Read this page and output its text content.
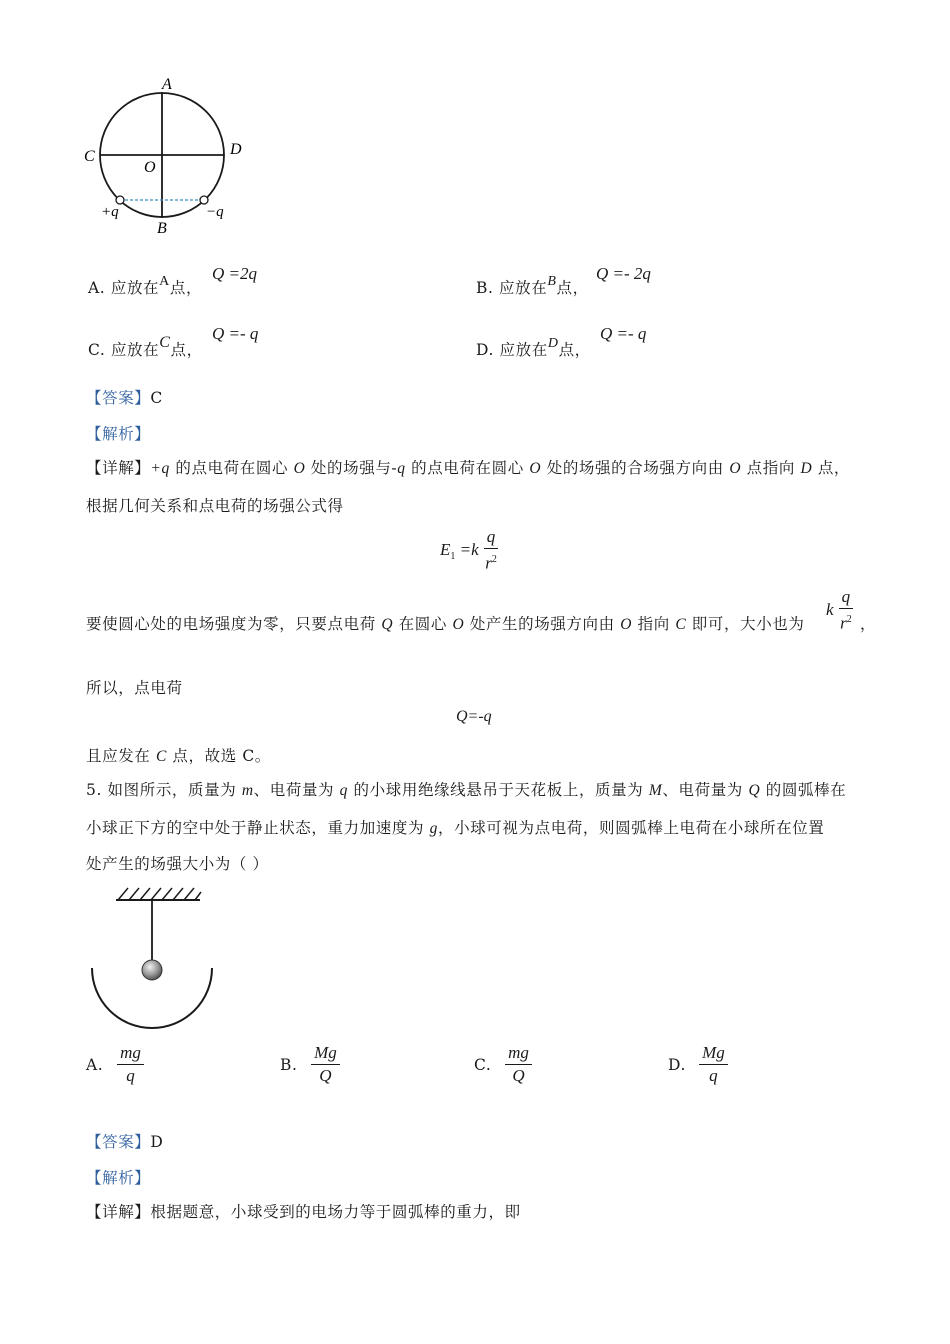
A
C	D
O
+q	−q
B
A. 应放在A点，
Q =2q
B. 应放在B点，
Q =- 2q
C. 应放在C点，
Q =- q
D. 应放在D点，
Q =- q
【答案】C
【解析】
【详解】+q 的点电荷在圆心 O 处的场强与-q 的点电荷在圆心 O 处的场强的合场强方向由 O 点指向 D 点，
根据几何关系和点电荷的场强公式得
$E_1 =k \frac{q}{r^2}$
要使圆心处的电场强度为零，只要点电荷 Q 在圆心 O 处产生的场强方向由 O 指向 C 即可，大小也为
k $\frac{q}{r^2}$ ，
所以，点电荷
Q=-q
且应发在 C 点，故选 C。
5. 如图所示，质量为 m、电荷量为 q 的小球用绝缘线悬吊于天花板上，质量为 M、电荷量为 Q 的圆弧棒在
小球正下方的空中处于静止状态，重力加速度为 g，小球可视为点电荷，则圆弧棒上电荷在小球所在位置
处产生的场强大小为（ ）
A. $\frac{mg}{q}$	B. $\frac{Mg}{Q}$	C. $\frac{mg}{Q}$	D. $\frac{Mg}{q}$
【答案】D
【解析】
【详解】根据题意，小球受到的电场力等于圆弧棒的重力，即
